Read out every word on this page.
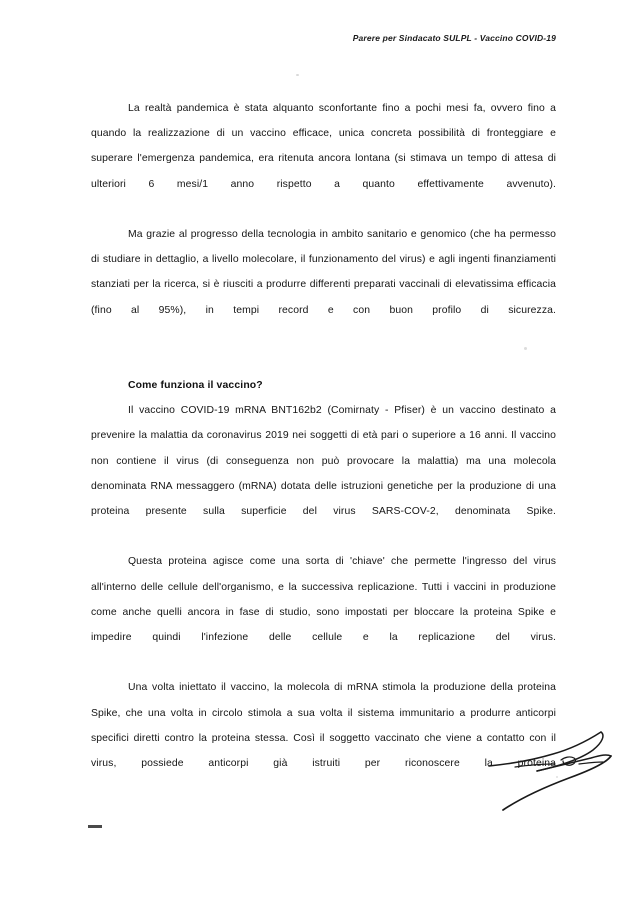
Parere per Sindacato SULPL - Vaccino COVID-19

La realtà pandemica è stata alquanto sconfortante fino a pochi mesi fa, ovvero fino a quando la realizzazione di un vaccino efficace, unica concreta possibilità di fronteggiare e superare l'emergenza pandemica, era ritenuta ancora lontana (si stimava un tempo di attesa di ulteriori 6 mesi/1 anno rispetto a quanto effettivamente avvenuto).

Ma grazie al progresso della tecnologia in ambito sanitario e genomico (che ha permesso di studiare in dettaglio, a livello molecolare, il funzionamento del virus) e agli ingenti finanziamenti stanziati per la ricerca, si è riusciti a produrre differenti preparati vaccinali di elevatissima efficacia (fino al 95%), in tempi record e con buon profilo di sicurezza.

Come funziona il vaccino?

Il vaccino COVID-19 mRNA BNT162b2 (Comirnaty - Pfiser) è un vaccino destinato a prevenire la malattia da coronavirus 2019 nei soggetti di età pari o superiore a 16 anni. Il vaccino non contiene il virus (di conseguenza non può provocare la malattia) ma una molecola denominata RNA messaggero (mRNA) dotata delle istruzioni genetiche per la produzione di una proteina presente sulla superficie del virus SARS-COV-2, denominata Spike.

Questa proteina agisce come una sorta di 'chiave' che permette l'ingresso del virus all'interno delle cellule dell'organismo, e la successiva replicazione. Tutti i vaccini in produzione come anche quelli ancora in fase di studio, sono impostati per bloccare la proteina Spike e impedire quindi l'infezione delle cellule e la replicazione del virus.

Una volta iniettato il vaccino, la molecola di mRNA stimola la produzione della proteina Spike, che una volta in circolo stimola a sua volta il sistema immunitario a produrre anticorpi specifici diretti contro la proteina stessa. Così il soggetto vaccinato che viene a contatto con il virus, possiede anticorpi già istruiti per riconoscere la proteina
